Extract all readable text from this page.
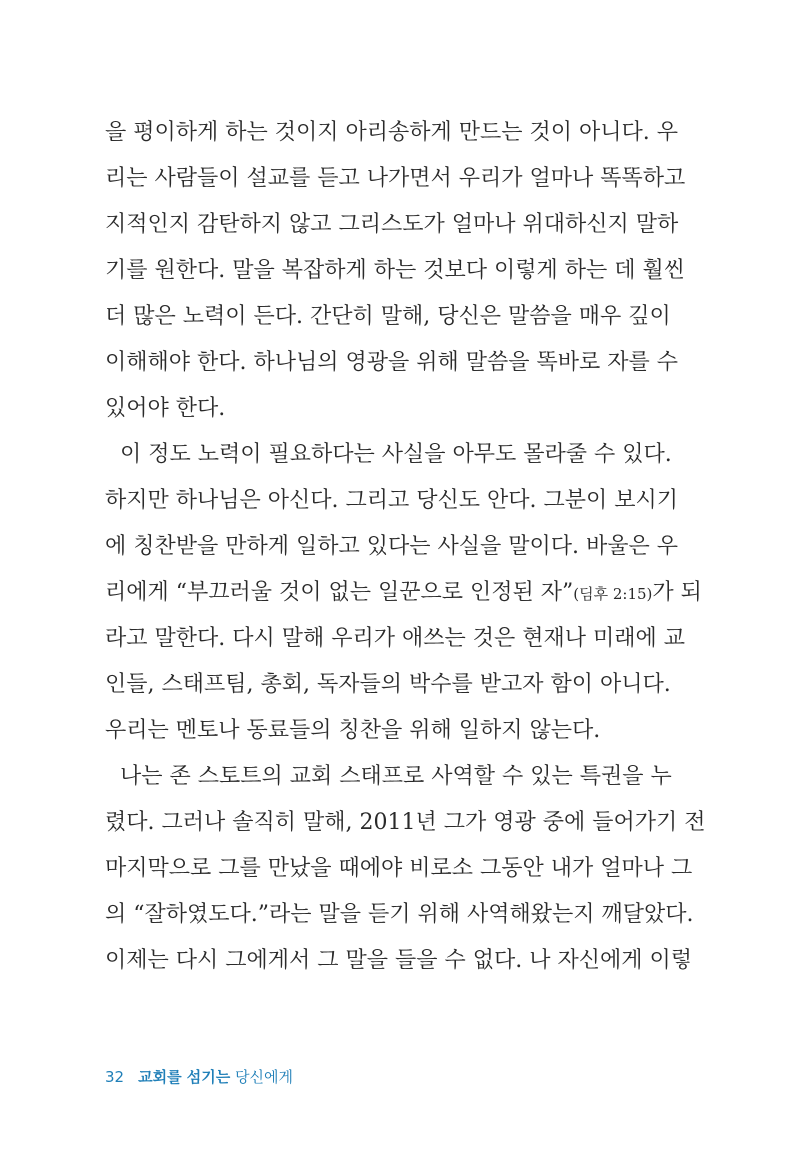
을 평이하게 하는 것이지 아리송하게 만드는 것이 아니다. 우
리는 사람들이 설교를 듣고 나가면서 우리가 얼마나 똑똑하고
지적인지 감탄하지 않고 그리스도가 얼마나 위대하신지 말하
기를 원한다. 말을 복잡하게 하는 것보다 이렇게 하는 데 훨씬
더 많은 노력이 든다. 간단히 말해, 당신은 말씀을 매우 깊이
이해해야 한다. 하나님의 영광을 위해 말씀을 똑바로 자를 수
있어야 한다.
이 정도 노력이 필요하다는 사실을 아무도 몰라줄 수 있다.
하지만 하나님은 아신다. 그리고 당신도 안다. 그분이 보시기
에 칭찬받을 만하게 일하고 있다는 사실을 말이다. 바울은 우
리에게 “부끄러울 것이 없는 일꾼으로 인정된 자”(딤후 2:15)가 되
라고 말한다. 다시 말해 우리가 애쓰는 것은 현재나 미래에 교
인들, 스태프팀, 총회, 독자들의 박수를 받고자 함이 아니다.
우리는 멘토나 동료들의 칭찬을 위해 일하지 않는다.
나는 존 스토트의 교회 스태프로 사역할 수 있는 특권을 누
렸다. 그러나 솔직히 말해, 2011년 그가 영광 중에 들어가기 전
마지막으로 그를 만났을 때에야 비로소 그동안 내가 얼마나 그
의 “잘하였도다.”라는 말을 듣기 위해 사역해왔는지 깨달았다.
이제는 다시 그에게서 그 말을 들을 수 없다. 나 자신에게 이렇
32 교회를 섬기는 당신에게
